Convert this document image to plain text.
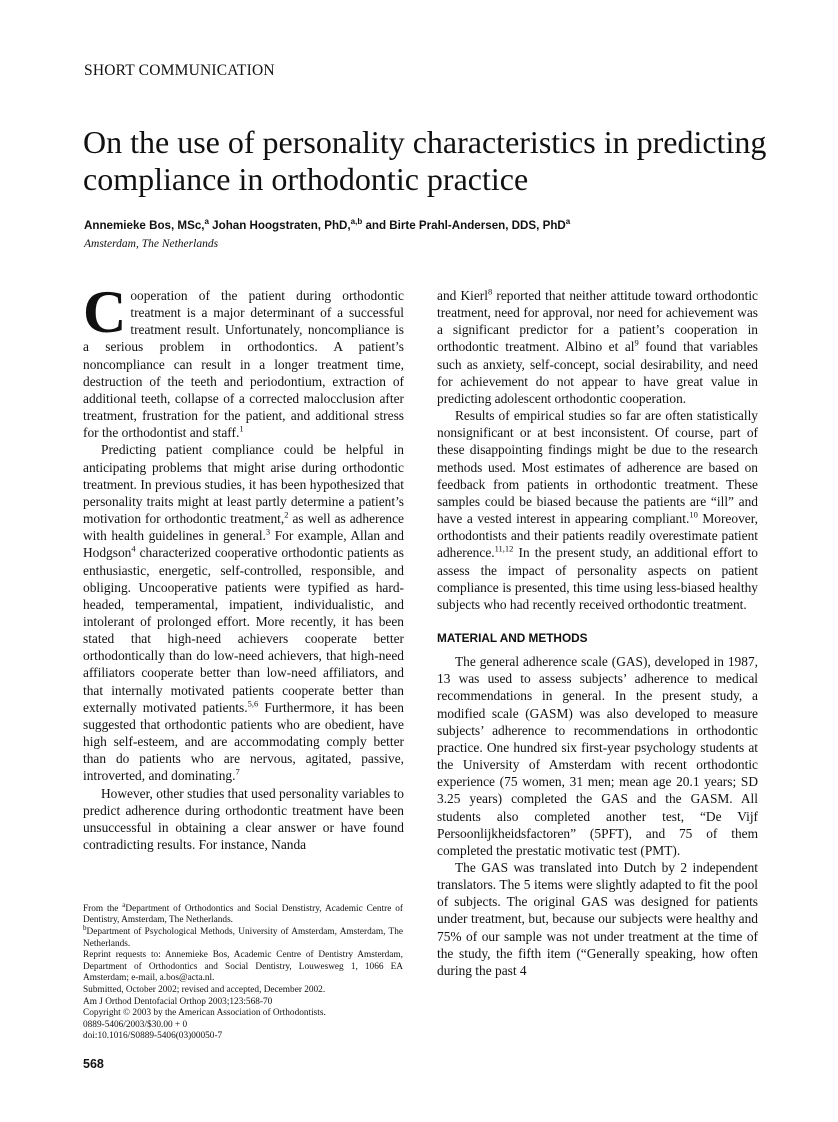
SHORT COMMUNICATION
On the use of personality characteristics in predicting compliance in orthodontic practice
Annemieke Bos, MSc,$^a$ Johan Hoogstraten, PhD,$^{a,b}$ and Birte Prahl-Andersen, DDS, PhD$^a$
Amsterdam, The Netherlands

Cooperation of the patient during orthodontic treatment is a major determinant of a successful treatment result. Unfortunately, noncompliance is a serious problem in orthodontics. A patient’s noncompliance can result in a longer treatment time, destruction of the teeth and periodontium, extraction of additional teeth, collapse of a corrected malocclusion after treatment, frustration for the patient, and additional stress for the orthodontist and staff.$^1$

Predicting patient compliance could be helpful in anticipating problems that might arise during orthodontic treatment. In previous studies, it has been hypothesized that personality traits might at least partly determine a patient’s motivation for orthodontic treatment,$^2$ as well as adherence with health guidelines in general.$^3$ For example, Allan and Hodgson$^4$ characterized cooperative orthodontic patients as enthusiastic, energetic, self-controlled, responsible, and obliging. Uncooperative patients were typified as hard-headed, temperamental, impatient, individualistic, and intolerant of prolonged effort. More recently, it has been stated that high-need achievers cooperate better orthodontically than do low-need achievers, that high-need affiliators cooperate better than low-need affiliators, and that internally motivated patients cooperate better than externally motivated patients.$^{5,6}$ Furthermore, it has been suggested that orthodontic patients who are obedient, have high self-esteem, and are accommodating comply better than do patients who are nervous, agitated, passive, introverted, and dominating.$^7$

However, other studies that used personality variables to predict adherence during orthodontic treatment have been unsuccessful in obtaining a clear answer or have found contradicting results. For instance, Nanda

From the $^a$Department of Orthodontics and Social Denstistry, Academic Centre of Dentistry, Amsterdam, The Netherlands.
$^b$Department of Psychological Methods, University of Amsterdam, Amsterdam, The Netherlands.
Reprint requests to: Annemieke Bos, Academic Centre of Dentistry Amsterdam, Department of Orthodontics and Social Dentistry, Louwesweg 1, 1066 EA Amsterdam; e-mail, a.bos@acta.nl.
Submitted, October 2002; revised and accepted, December 2002.
Am J Orthod Dentofacial Orthop 2003;123:568-70
Copyright © 2003 by the American Association of Orthodontists.
0889-5406/2003/$30.00 + 0
doi:10.1016/S0889-5406(03)00050-7
568

and Kierl$^8$ reported that neither attitude toward orthodontic treatment, need for approval, nor need for achievement was a significant predictor for a patient’s cooperation in orthodontic treatment. Albino et $al^9$ found that variables such as anxiety, self-concept, social desirability, and need for achievement do not appear to have great value in predicting adolescent orthodontic cooperation.

Results of empirical studies so far are often statistically nonsignificant or at best inconsistent. Of course, part of these disappointing findings might be due to the research methods used. Most estimates of adherence are based on feedback from patients in orthodontic treatment. These samples could be biased because the patients are “ill” and have a vested interest in appearing compliant.$^{10}$ Moreover, orthodontists and their patients readily overestimate patient adherence.$^{11,12}$ In the present study, an additional effort to assess the impact of personality aspects on patient compliance is presented, this time using less-biased healthy subjects who had recently received orthodontic treatment.

MATERIAL AND METHODS

The general adherence scale (GAS), developed in 1987, 13 was used to assess subjects’ adherence to medical recommendations in general. In the present study, a modified scale (GASM) was also developed to measure subjects’ adherence to recommendations in orthodontic practice. One hundred six first-year psychology students at the University of Amsterdam with recent orthodontic experience (75 women, 31 men; mean age 20.1 years; SD 3.25 years) completed the GAS and the GASM. All students also completed another test, “De Vijf Persoonlijkheidsfactoren” (5PFT), and 75 of them completed the prestatic motivatic test (PMT).

The GAS was translated into Dutch by 2 independent translators. The 5 items were slightly adapted to fit the pool of subjects. The original GAS was designed for patients under treatment, but, because our subjects were healthy and 75% of our sample was not under treatment at the time of the study, the fifth item (“Generally speaking, how often during the past 4
